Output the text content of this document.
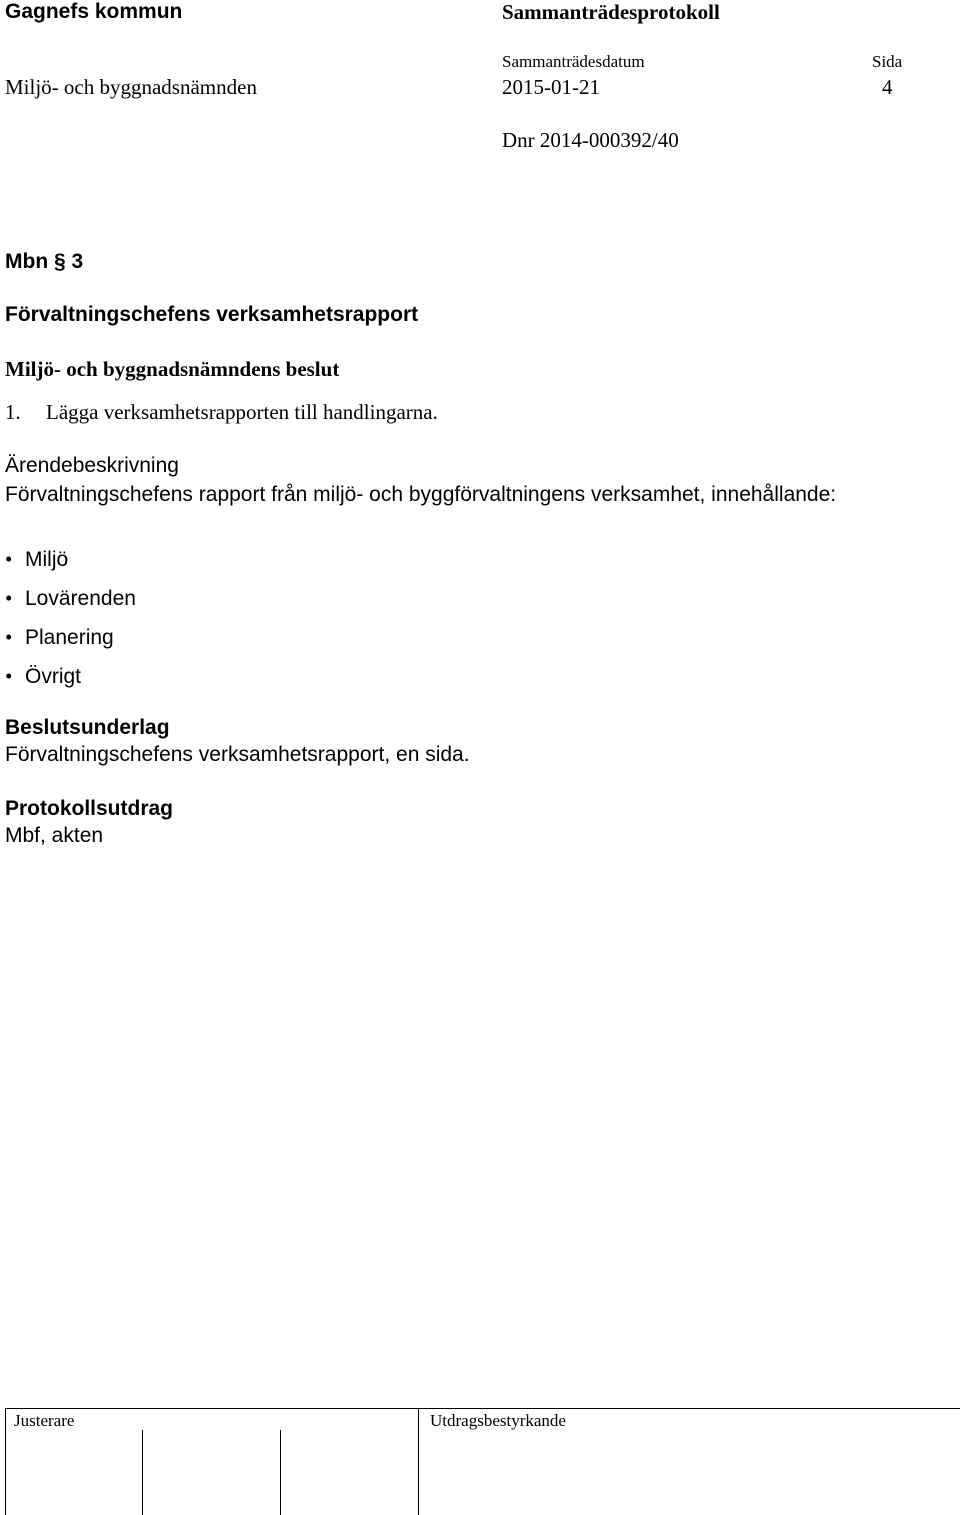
Gagnefs kommun	Sammanträdesprotokoll
Sammanträdesdatum	Sida
Miljö- och byggnadsnämnden	2015-01-21	4
Dnr 2014-000392/40
Mbn § 3
Förvaltningschefens verksamhetsrapport
Miljö- och byggnadsnämndens beslut
1. Lägga verksamhetsrapporten till handlingarna.
Ärendebeskrivning
Förvaltningschefens rapport från miljö- och byggförvaltningens verksamhet, innehållande:
• Miljö
• Lovärenden
• Planering
• Övrigt
Beslutsunderlag
Förvaltningschefens verksamhetsrapport, en sida.
Protokollsutdrag
Mbf, akten
Justerare	Utdragsbestyrkande
